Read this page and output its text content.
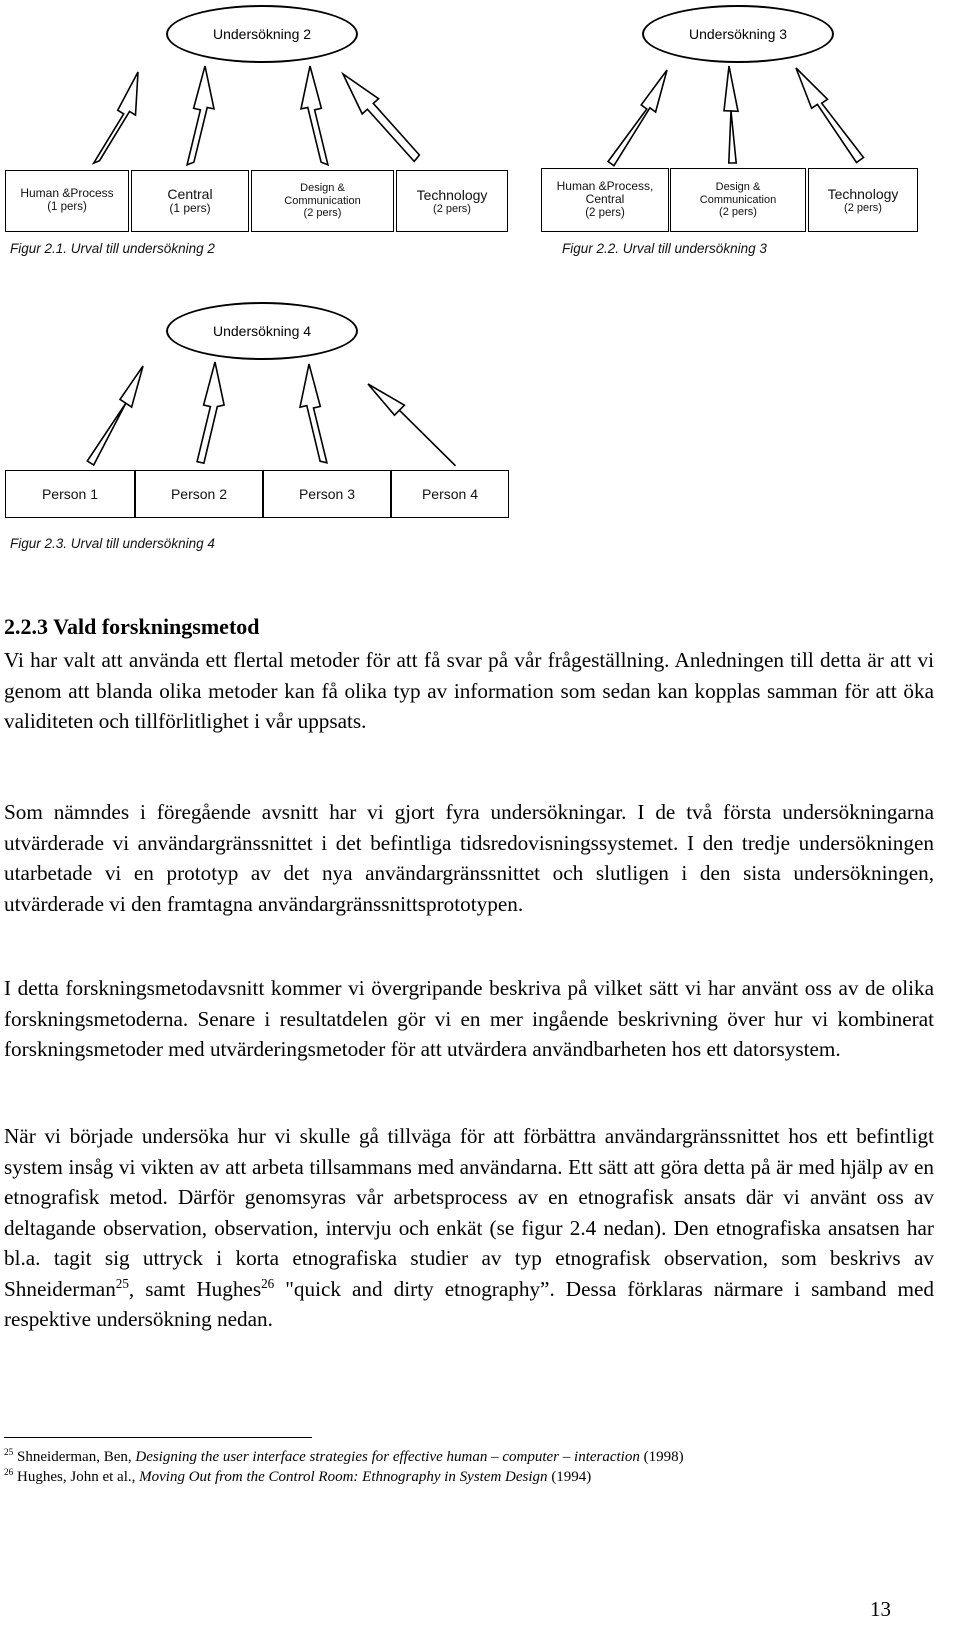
Undersökning 2
Human &Process
(1 pers)
Central
(1 pers)
Design & Communication
(2 pers)
Technology
(2 pers)
Figur 2.1. Urval till undersökning 2
Undersökning 3
Human &Process, Central
(2 pers)
Design & Communication
(2 pers)
Technology
(2 pers)
Figur 2.2. Urval till undersökning 3
Undersökning 4
Person 1	Person 2	Person 3	Person 4
Figur 2.3. Urval till undersökning 4
2.2.3 Vald forskningsmetod

Vi har valt att använda ett flertal metoder för att få svar på vår frågeställning. Anledningen till detta är att vi genom att blanda olika metoder kan få olika typ av information som sedan kan kopplas samman för att öka validiteten och tillförlitlighet i vår uppsats.

Som nämndes i föregående avsnitt har vi gjort fyra undersökningar. I de två första undersökningarna utvärderade vi användargränssnittet i det befintliga tidsredovisningssystemet. I den tredje undersökningen utarbetade vi en prototyp av det nya användargränssnittet och slutligen i den sista undersökningen, utvärderade vi den framtagna användargränssnittsprototypen.

I detta forskningsmetodavsnitt kommer vi övergripande beskriva på vilket sätt vi har använt oss av de olika forskningsmetoderna. Senare i resultatdelen gör vi en mer ingående beskrivning över hur vi kombinerat forskningsmetoder med utvärderingsmetoder för att utvärdera användbarheten hos ett datorsystem.

När vi började undersöka hur vi skulle gå tillväga för att förbättra användargränssnittet hos ett befintligt system insåg vi vikten av att arbeta tillsammans med användarna. Ett sätt att göra detta på är med hjälp av en etnografisk metod. Därför genomsyras vår arbetsprocess av en etnografisk ansats där vi använt oss av deltagande observation, observation, intervju och enkät (se figur 2.4 nedan). Den etnografiska ansatsen har bl.a. tagit sig uttryck i korta etnografiska studier av typ etnografisk observation, som beskrivs av Shneiderman$^{25}$, samt Hughes$^{26}$ "quick and dirty etnography”. Dessa förklaras närmare i samband med respektive undersökning nedan.

$^{25}$ Shneiderman, Ben, Designing the user interface strategies for effective human – computer – interaction (1998)
$^{26}$ Hughes, John et al., Moving Out from the Control Room: Ethnography in System Design (1994)
13
